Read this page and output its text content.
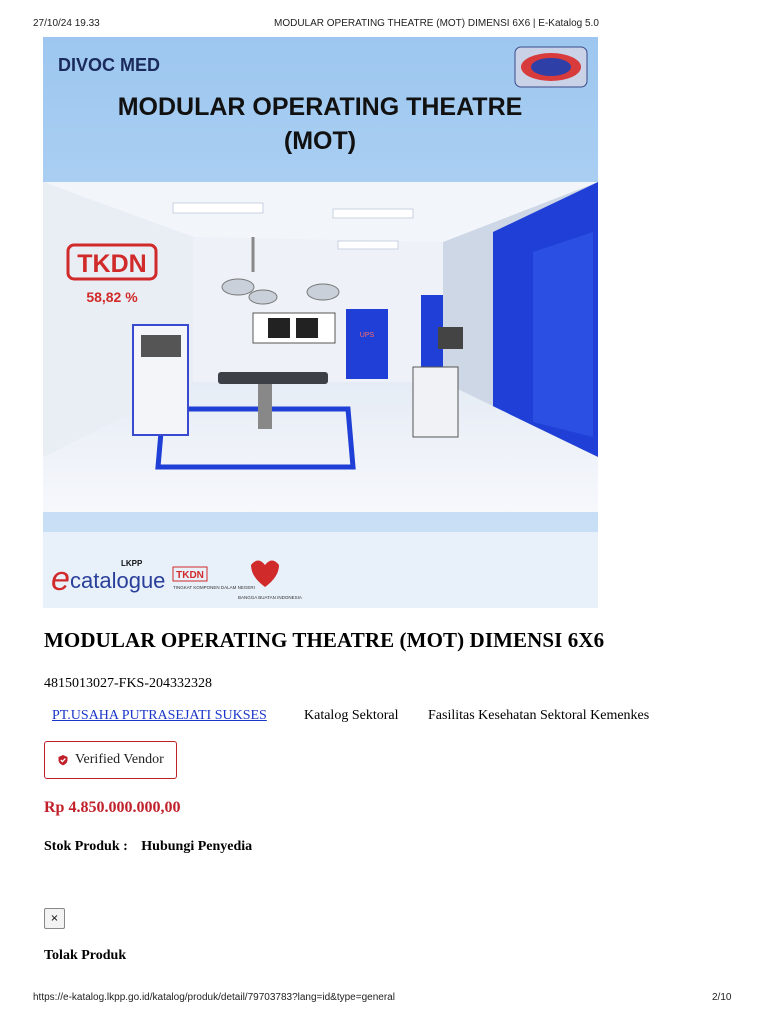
27/10/24 19.33	MODULAR OPERATING THEATRE (MOT) DIMENSI 6X6 | E-Katalog 5.0
DIVOC MED
MODULAR OPERATING THEATRE
(MOT)
UPS
TKDN
58,82 %
e catalogue
LKPP
TKDN
TINGKAT KOMPONEN DALAM NEGERI
BANGGA BUATAN INDONESIA
MODULAR OPERATING THEATRE (MOT) DIMENSI 6X6
4815013027-FKS-204332328
PT.USAHA PUTRASEJATI SUKSES	Katalog Sektoral Fasilitas Kesehatan Sektoral Kemenkes
Verified Vendor
Rp 4.850.000.000,00
Stok Produk : Hubungi Penyedia
×
Tolak Produk
https://e-katalog.lkpp.go.id/katalog/produk/detail/79703783?lang=id&type=general	2/10
